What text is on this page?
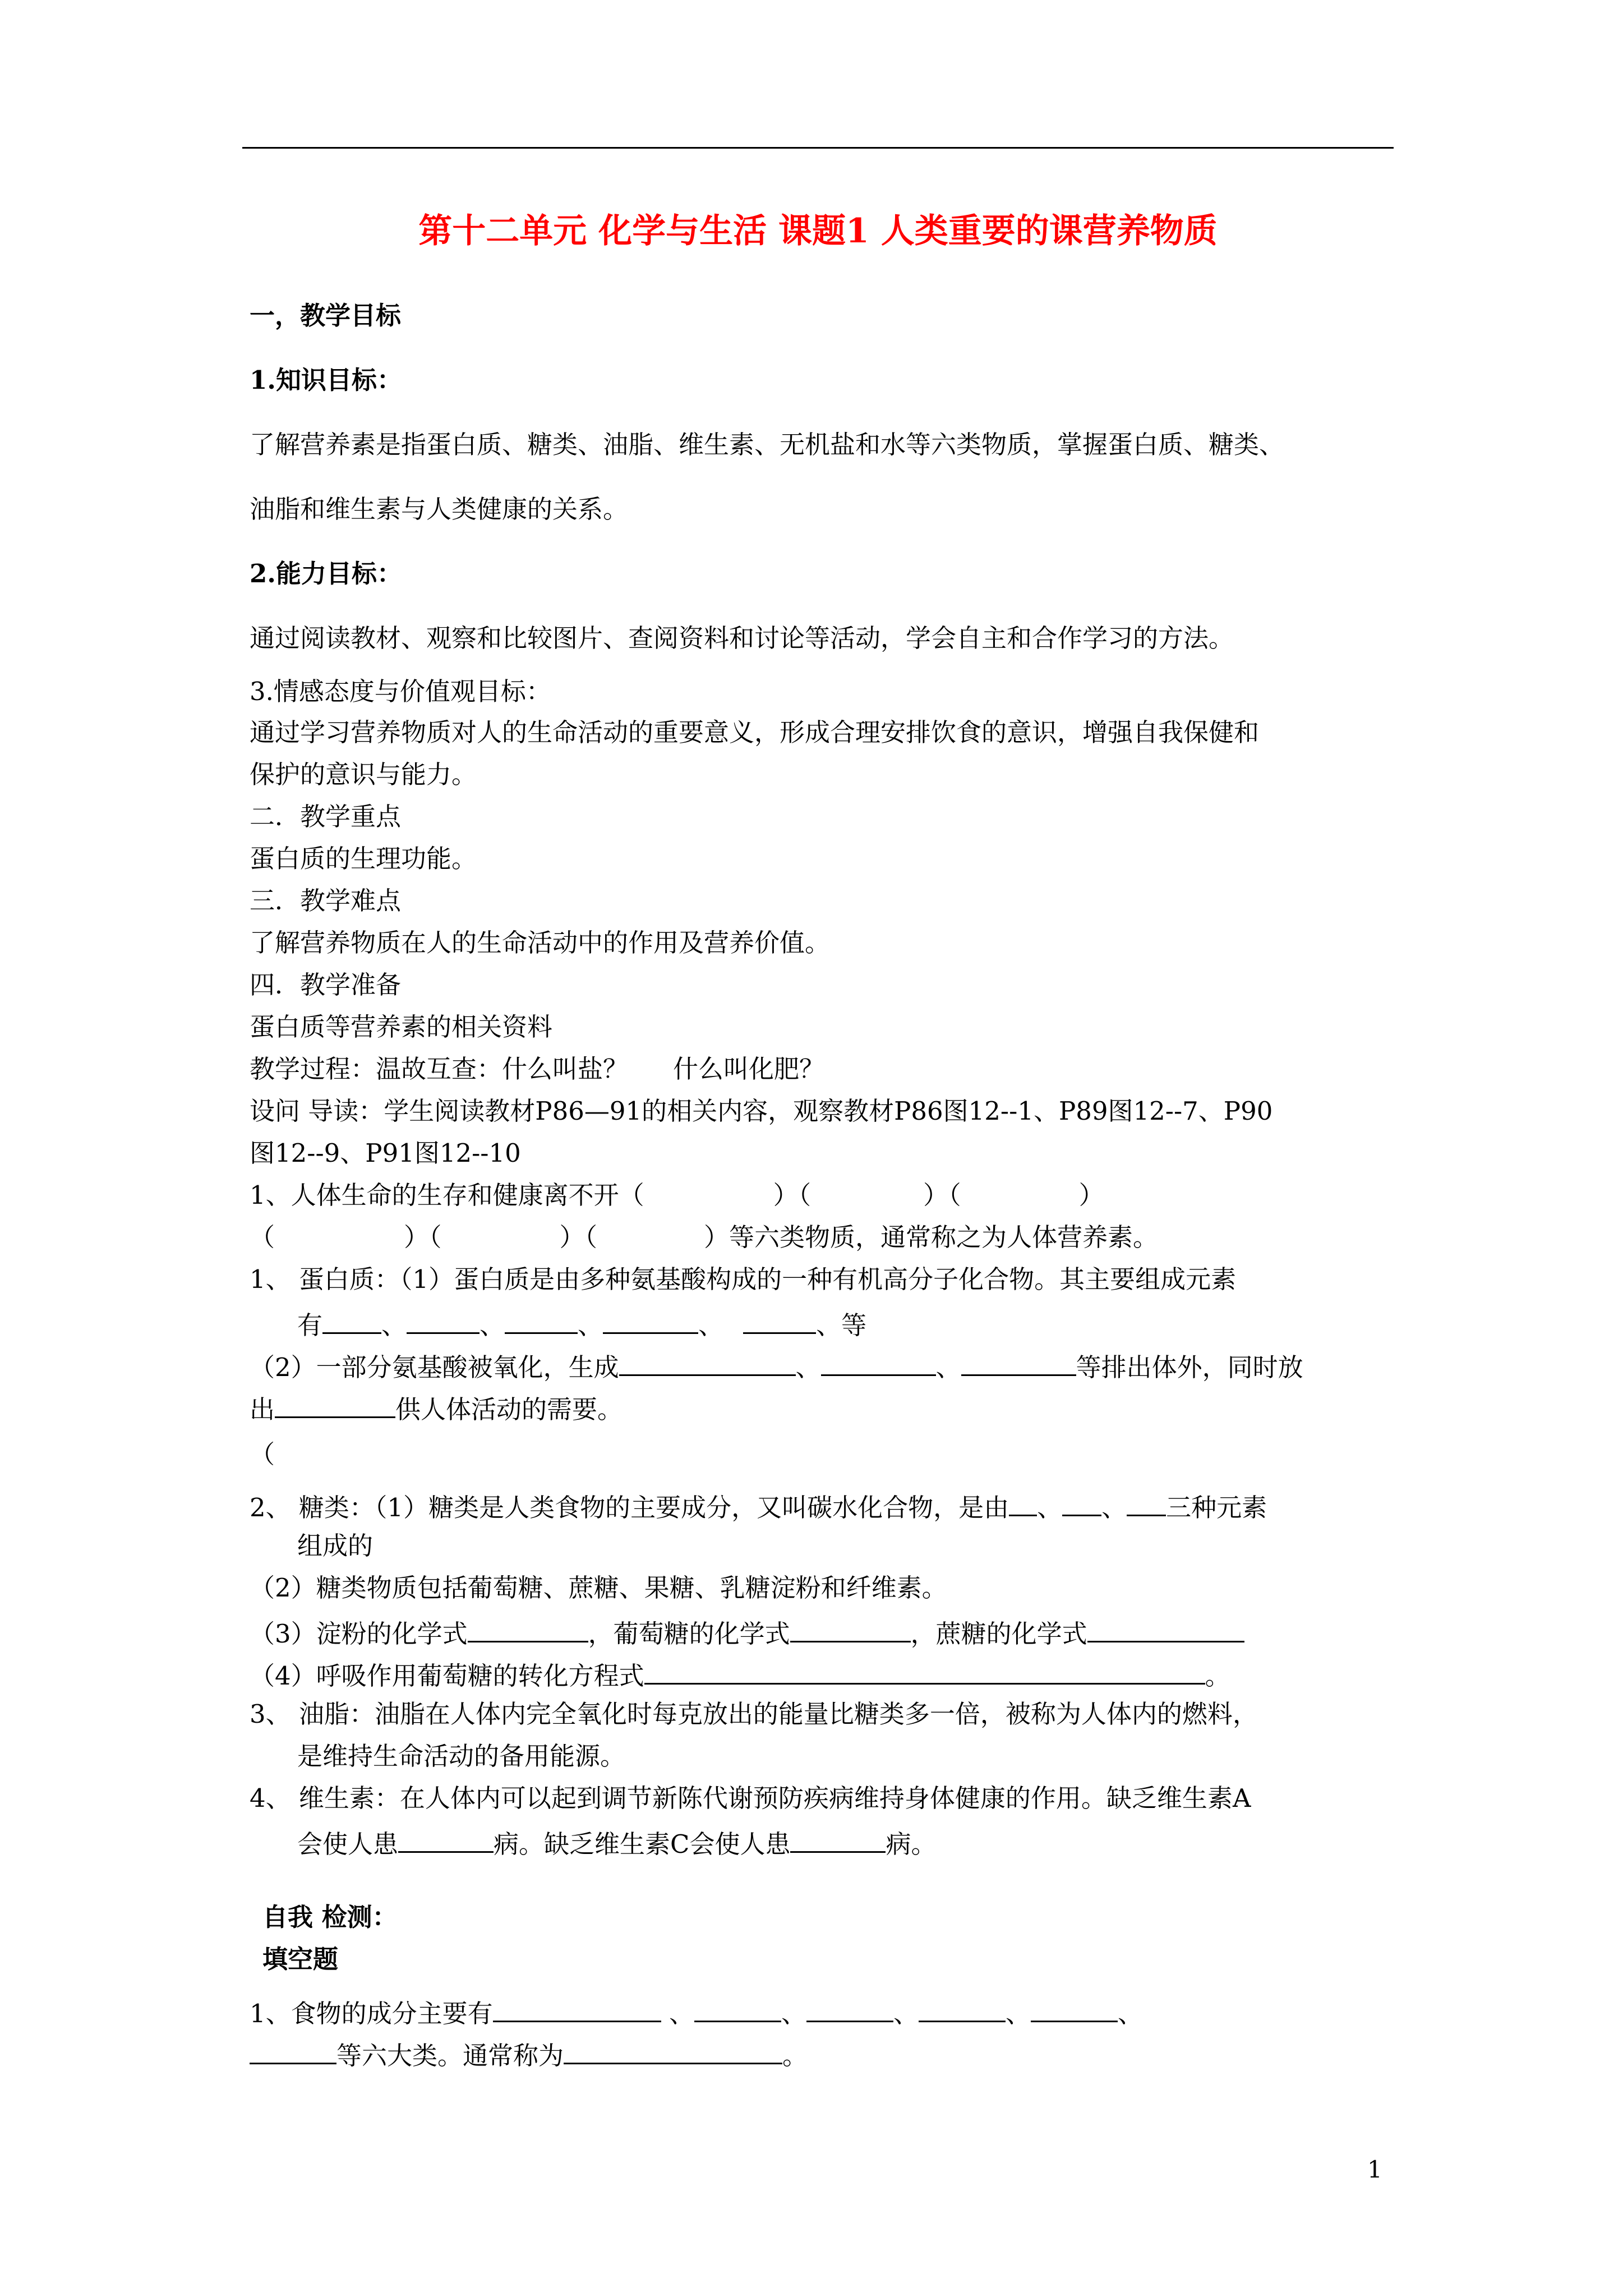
第十二单元 化学与生活 课题1 人类重要的课营养物质
一，教学目标
1.知识目标：
了解营养素是指蛋白质、糖类、油脂、维生素、无机盐和水等六类物质，掌握蛋白质、糖类、
油脂和维生素与人类健康的关系。
2.能力目标：
通过阅读教材、观察和比较图片、查阅资料和讨论等活动，学会自主和合作学习的方法。
3.情感态度与价值观目标：
通过学习营养物质对人的生命活动的重要意义，形成合理安排饮食的意识，增强自我保健和
保护的意识与能力。
二．教学重点
蛋白质的生理功能。
三．教学难点
了解营养物质在人的生命活动中的作用及营养价值。
四．教学准备
蛋白质等营养素的相关资料
教学过程：温故互查：什么叫盐？ 什么叫化肥？
设问 导读：学生阅读教材P86—91的相关内容，观察教材P86图12--1、P89图12--7、P90
图12--9、P91图12--10
1、人体生命的生存和健康离不开（	）（	）（	）
（	）（	）（	）等六类物质，通常称之为人体营养素。
1、 蛋白质：（1）蛋白质是由多种氨基酸构成的一种有机高分子化合物。其主要组成元素
有 、	、	、	、	、等
（2）一部分氨基酸被氧化，生成	、	、	等排出体外，同时放
出	供人体活动的需要。
（
2、 糖类：（1）糖类是人类食物的主要成分，又叫碳水化合物，是由 、 、 三种元素
组成的
（2）糖类物质包括葡萄糖、蔗糖、果糖、乳糖淀粉和纤维素。
（3）淀粉的化学式	，葡萄糖的化学式	，蔗糖的化学式
（4）呼吸作用葡萄糖的转化方程式	。
3、 油脂：油脂在人体内完全氧化时每克放出的能量比糖类多一倍，被称为人体内的燃料，
是维持生命活动的备用能源。
4、 维生素：在人体内可以起到调节新陈代谢预防疾病维持身体健康的作用。缺乏维生素A
会使人患	病。缺乏维生素C会使人患	病。
自我 检测：
填空题
1、食物的成分主要有	、	、	、	、	、
等六大类。通常称为	。
1
